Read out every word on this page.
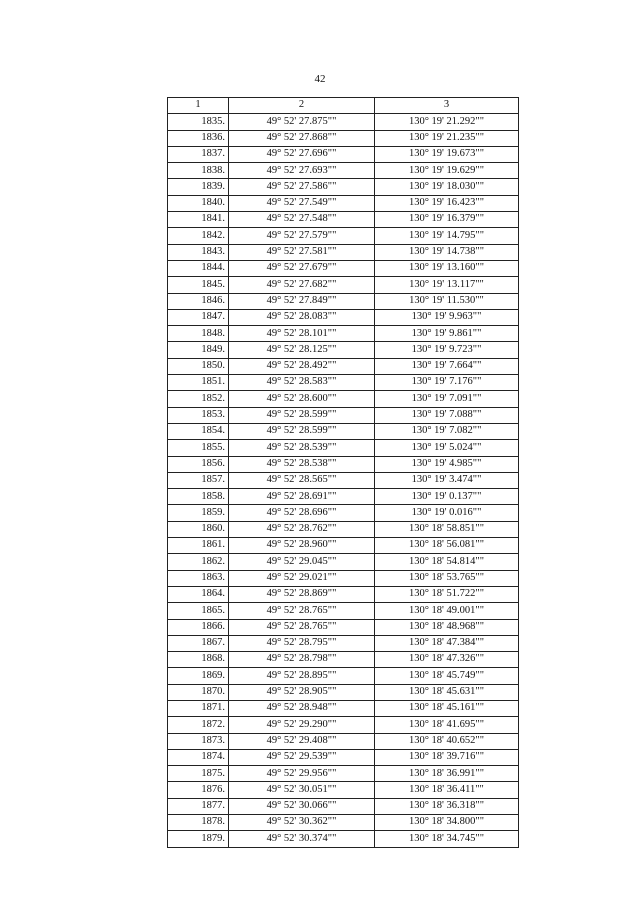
42
1	2	3
1835.	49° 52' 27.875""	130° 19' 21.292""
1836.	49° 52' 27.868""	130° 19' 21.235""
1837.	49° 52' 27.696""	130° 19' 19.673""
1838.	49° 52' 27.693""	130° 19' 19.629""
1839.	49° 52' 27.586""	130° 19' 18.030""
1840.	49° 52' 27.549""	130° 19' 16.423""
1841.	49° 52' 27.548""	130° 19' 16.379""
1842.	49° 52' 27.579""	130° 19' 14.795""
1843.	49° 52' 27.581""	130° 19' 14.738""
1844.	49° 52' 27.679""	130° 19' 13.160""
1845.	49° 52' 27.682""	130° 19' 13.117""
1846.	49° 52' 27.849""	130° 19' 11.530""
1847.	49° 52' 28.083""	130° 19' 9.963""
1848.	49° 52' 28.101""	130° 19' 9.861""
1849.	49° 52' 28.125""	130° 19' 9.723""
1850.	49° 52' 28.492""	130° 19' 7.664""
1851.	49° 52' 28.583""	130° 19' 7.176""
1852.	49° 52' 28.600""	130° 19' 7.091""
1853.	49° 52' 28.599""	130° 19' 7.088""
1854.	49° 52' 28.599""	130° 19' 7.082""
1855.	49° 52' 28.539""	130° 19' 5.024""
1856.	49° 52' 28.538""	130° 19' 4.985""
1857.	49° 52' 28.565""	130° 19' 3.474""
1858.	49° 52' 28.691""	130° 19' 0.137""
1859.	49° 52' 28.696""	130° 19' 0.016""
1860.	49° 52' 28.762""	130° 18' 58.851""
1861.	49° 52' 28.960""	130° 18' 56.081""
1862.	49° 52' 29.045""	130° 18' 54.814""
1863.	49° 52' 29.021""	130° 18' 53.765""
1864.	49° 52' 28.869""	130° 18' 51.722""
1865.	49° 52' 28.765""	130° 18' 49.001""
1866.	49° 52' 28.765""	130° 18' 48.968""
1867.	49° 52' 28.795""	130° 18' 47.384""
1868.	49° 52' 28.798""	130° 18' 47.326""
1869.	49° 52' 28.895""	130° 18' 45.749""
1870.	49° 52' 28.905""	130° 18' 45.631""
1871.	49° 52' 28.948""	130° 18' 45.161""
1872.	49° 52' 29.290""	130° 18' 41.695""
1873.	49° 52' 29.408""	130° 18' 40.652""
1874.	49° 52' 29.539""	130° 18' 39.716""
1875.	49° 52' 29.956""	130° 18' 36.991""
1876.	49° 52' 30.051""	130° 18' 36.411""
1877.	49° 52' 30.066""	130° 18' 36.318""
1878.	49° 52' 30.362""	130° 18' 34.800""
1879.	49° 52' 30.374""	130° 18' 34.745""
